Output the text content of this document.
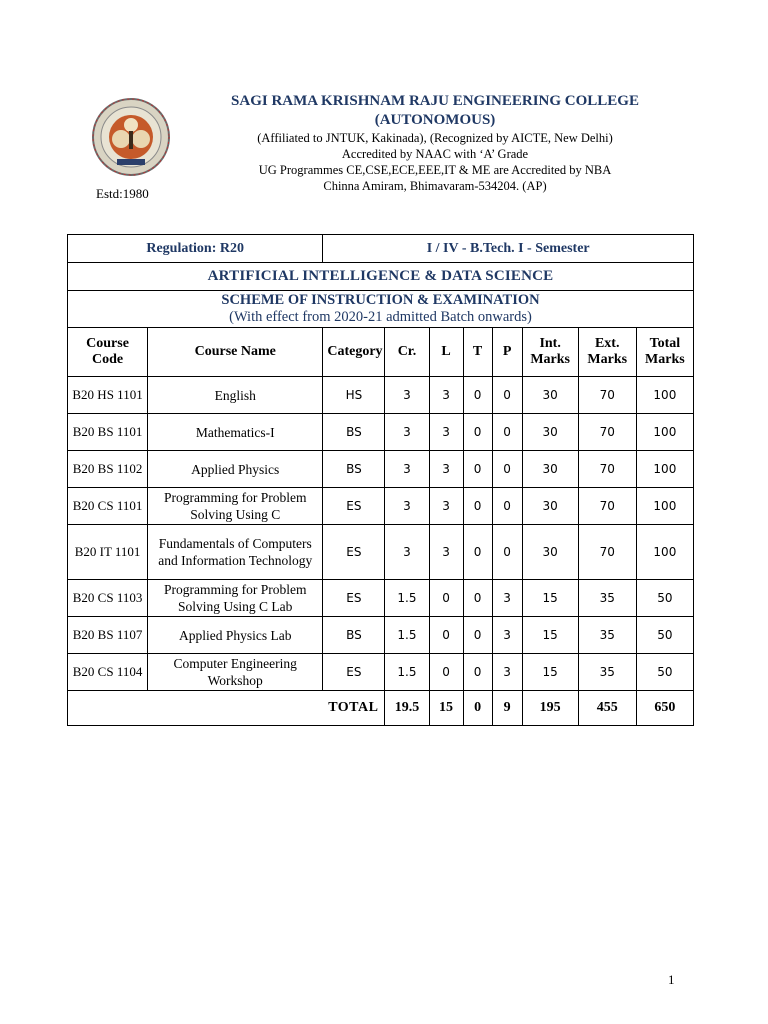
Estd:1980
SAGI RAMA KRISHNAM RAJU ENGINEERING COLLEGE
(AUTONOMOUS)
(Affiliated to JNTUK, Kakinada), (Recognized by AICTE, New Delhi)
Accredited by NAAC with ‘A’ Grade
UG Programmes CE,CSE,ECE,EEE,IT & ME are Accredited by NBA
Chinna Amiram, Bhimavaram-534204. (AP)
Regulation: R20		I / IV - B.Tech. I - Semester							
ARTIFICIAL INTELLIGENCE & DATA SCIENCE									

SCHEME OF INSTRUCTION & EXAMINATION
(With effect from 2020-21 admitted Batch onwards)									

Course Code	Course Name	Category	Cr.	L	T	P	Int. Marks	Ext. Marks	Total Marks
B20 HS 1101	English	HS	3	3	0	0	30	70	100
B20 BS 1101	Mathematics-I	BS	3	3	0	0	30	70	100
B20 BS 1102	Applied Physics	BS	3	3	0	0	30	70	100
B20 CS 1101	Programming for Problem Solving Using C	ES	3	3	0	0	30	70	100
B20 IT 1101	Fundamentals of Computers and Information Technology	ES	3	3	0	0	30	70	100
B20 CS 1103	Programming for Problem Solving Using C Lab	ES	1.5	0	0	3	15	35	50
B20 BS 1107	Applied Physics Lab	BS	1.5	0	0	3	15	35	50
B20 CS 1104	Computer Engineering Workshop	ES	1.5	0	0	3	15	35	50
TOTAL			19.5	15	0	9	195	455	650
1
